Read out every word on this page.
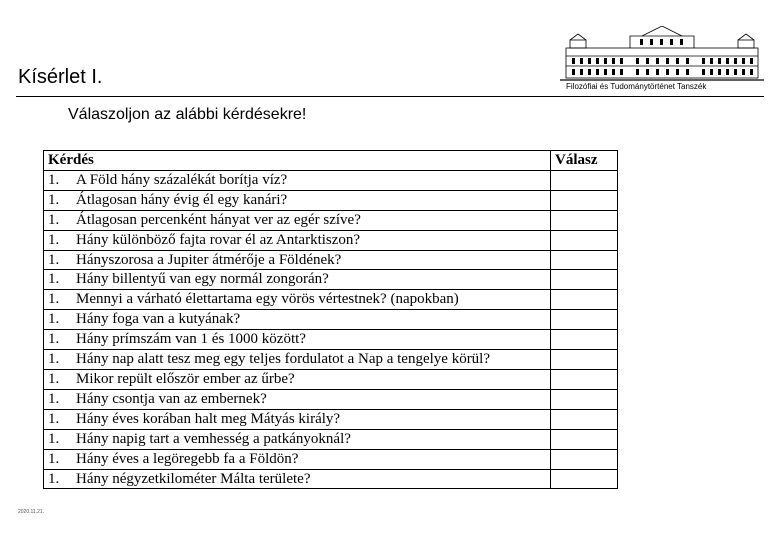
Kísérlet I.	Filozófiai és Tudománytörténet Tanszék
Válaszoljon az alábbi kérdésekre!
Kérdés	Válasz

1. A Föld hány százalékát borítja víz?	

1. Átlagosan hány évig él egy kanári?	

1. Átlagosan percenként hányat ver az egér szíve?	

1. Hány különböző fajta rovar él az Antarktiszon?	

1. Hányszorosa a Jupiter átmérője a Földének?	

1. Hány billentyű van egy normál zongorán?	

1. Mennyi a várható élettartama egy vörös vértestnek? (napokban)	

1. Hány foga van a kutyának?	

1. Hány prímszám van 1 és 1000 között?	

1. Hány nap alatt tesz meg egy teljes fordulatot a Nap a tengelye körül?	

1. Mikor repült először ember az űrbe?	

1. Hány csontja van az embernek?	

1. Hány éves korában halt meg Mátyás király?	

1. Hány napig tart a vemhesség a patkányoknál?	

1. Hány éves a legöregebb fa a Földön?	

1. Hány négyzetkilométer Málta területe?	

2020.11.21.
